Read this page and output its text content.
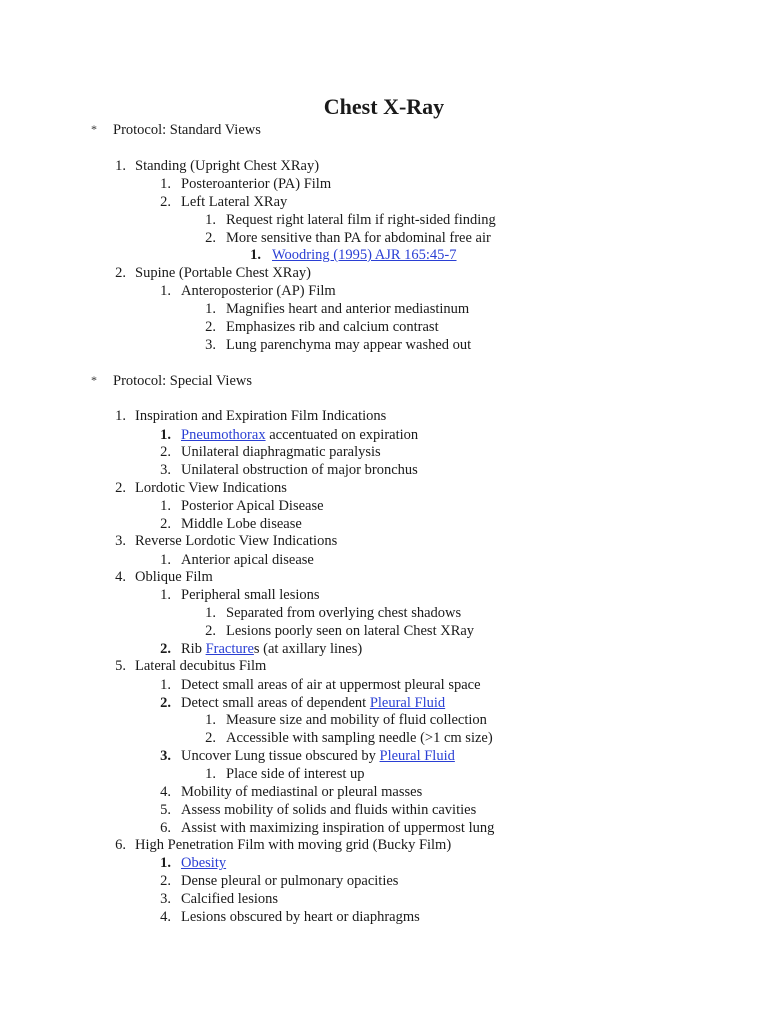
Chest X-Ray
* Protocol: Standard Views
1. Standing (Upright Chest XRay)
1. Posteroanterior (PA) Film
2. Left Lateral XRay
1. Request right lateral film if right-sided finding
2. More sensitive than PA for abdominal free air
1. Woodring (1995) AJR 165:45-7
2. Supine (Portable Chest XRay)
1. Anteroposterior (AP) Film
1. Magnifies heart and anterior mediastinum
2. Emphasizes rib and calcium contrast
3. Lung parenchyma may appear washed out
* Protocol: Special Views
1. Inspiration and Expiration Film Indications
1. Pneumothorax accentuated on expiration
2. Unilateral diaphragmatic paralysis
3. Unilateral obstruction of major bronchus
2. Lordotic View Indications
1. Posterior Apical Disease
2. Middle Lobe disease
3. Reverse Lordotic View Indications
1. Anterior apical disease
4. Oblique Film
1. Peripheral small lesions
1. Separated from overlying chest shadows
2. Lesions poorly seen on lateral Chest XRay
2. Rib Fractures (at axillary lines)
5. Lateral decubitus Film
1. Detect small areas of air at uppermost pleural space
2. Detect small areas of dependent Pleural Fluid
1. Measure size and mobility of fluid collection
2. Accessible with sampling needle (>1 cm size)
3. Uncover Lung tissue obscured by Pleural Fluid
1. Place side of interest up
4. Mobility of mediastinal or pleural masses
5. Assess mobility of solids and fluids within cavities
6. Assist with maximizing inspiration of uppermost lung
6. High Penetration Film with moving grid (Bucky Film)
1. Obesity
2. Dense pleural or pulmonary opacities
3. Calcified lesions
4. Lesions obscured by heart or diaphragms
